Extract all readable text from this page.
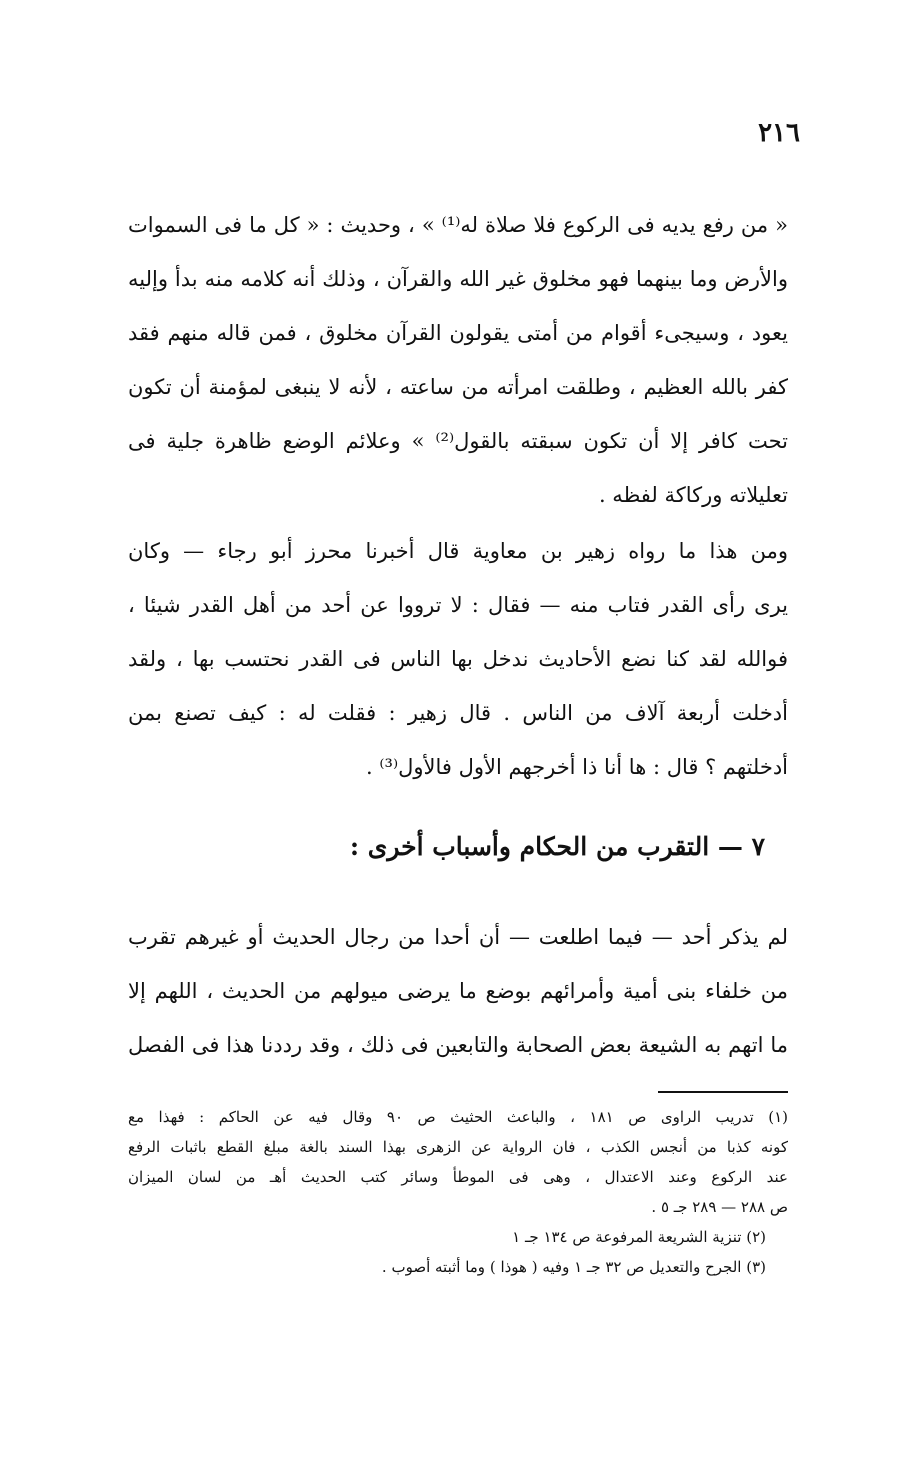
٢١٦
« من رفع يديه فى الركوع فلا صلاة له⁽¹⁾ » ، وحديث : « كل ما فى السموات
والأرض وما بينهما فهو مخلوق غير الله والقرآن ، وذلك أنه كلامه منه بدأ وإليه
يعود ، وسيجىء أقوام من أمتى يقولون القرآن مخلوق ، فمن قاله منهم فقد
كفر بالله العظيم ، وطلقت امرأته من ساعته ، لأنه لا ينبغى لمؤمنة أن تكون
تحت كافر إلا أن تكون سبقته بالقول⁽²⁾ » وعلائم الوضع ظاهرة جلية فى
تعليلاته وركاكة لفظه .
ومن هذا ما رواه زهير بن معاوية قال أخبرنا محرز أبو رجاء — وكان
يرى رأى القدر فتاب منه — فقال : لا ترووا عن أحد من أهل القدر شيئا ،
فوالله لقد كنا نضع الأحاديث ندخل بها الناس فى القدر نحتسب بها ، ولقد
أدخلت أربعة آلاف من الناس . قال زهير : فقلت له : كيف تصنع بمن
أدخلتهم ؟ قال : ها أنا ذا أخرجهم الأول فالأول⁽³⁾ .
٧ — التقرب من الحكام وأسباب أخرى :
لم يذكر أحد — فيما اطلعت — أن أحدا من رجال الحديث أو غيرهم تقرب
من خلفاء بنى أمية وأمرائهم بوضع ما يرضى ميولهم من الحديث ، اللهم إلا
ما اتهم به الشيعة بعض الصحابة والتابعين فى ذلك ، وقد رددنا هذا فى الفصل
(١) تدريب الراوى ص ١٨١ ، والباعث الحثيث ص ٩٠ وقال فيه عن الحاكم : فهذا مع
كونه كذبا من أنجس الكذب ، فان الرواية عن الزهرى بهذا السند بالغة مبلغ القطع باثبات الرفع
عند الركوع وعند الاعتدال ، وهى فى الموطأ وسائر كتب الحديث أهـ من لسان الميزان
ص ٢٨٨ — ٢٨٩ جـ ٥ .
(٢) تنزية الشريعة المرفوعة ص ١٣٤ جـ ١
(٣) الجرح والتعديل ص ٣٢ جـ ١ وفيه ( هوذا ) وما أثبته أصوب .
